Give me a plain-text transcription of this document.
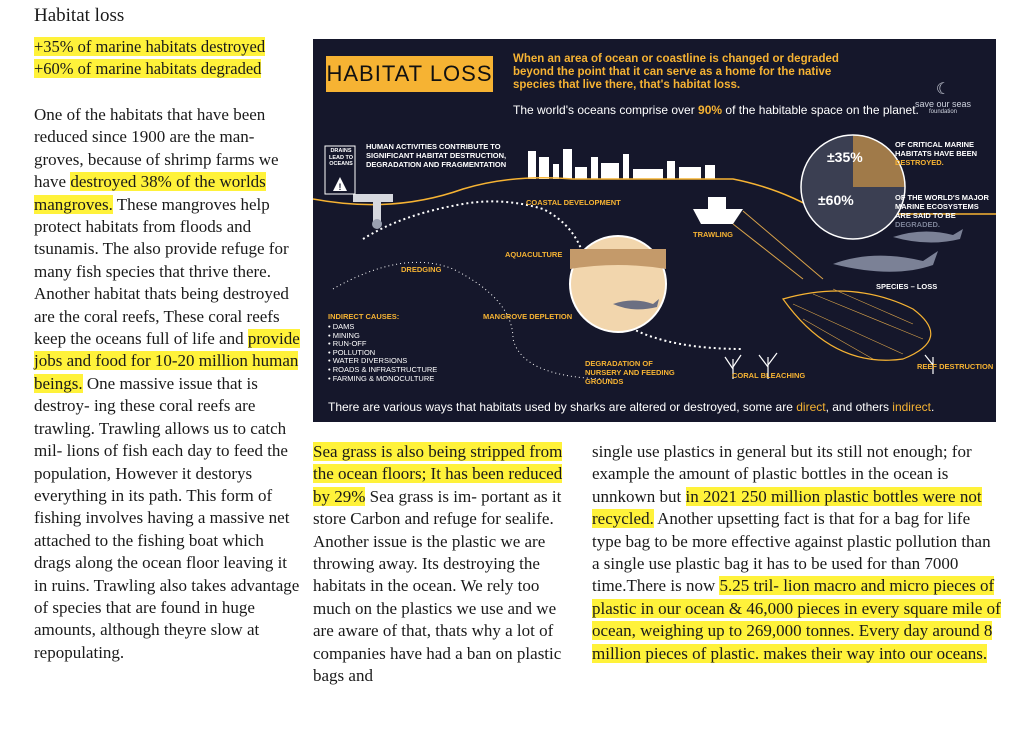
Habitat loss
+35% of marine habitats destroyed
+60% of marine habitats degraded
One of the habitats that have been reduced since 1900 are the man- groves, because of shrimp farms we have destroyed 38% of the worlds mangroves. These mangroves help protect habitats from floods and tsunamis. The also provide refuge for many fish species that thrive there. Another habitat thats being destroyed are the coral reefs, These coral reefs keep the oceans full of life and provide jobs and food for 10-20 million human beings. One massive issue that is destroy- ing these coral reefs are trawling. Trawling allows us to catch mil- lions of fish each day to feed the population, However it destorys everything in its path. This form of fishing involves having a massive net attached to the fishing boat which drags along the ocean floor leaving it in ruins. Trawling also takes advantage of species that are found in huge amounts, although theyre slow at repopulating.
Sea grass is also being stripped from the ocean floors; It has been reduced by 29% Sea grass is im- portant as it store Carbon and refuge for sealife. Another issue is the plastic we are throwing away. Its destroying the habitats in the ocean. We rely too much on the plastics we use and we are aware of that, thats why a lot of companies have had a ban on plastic bags and
single use plastics in general but its still not enough; for example the amount of plastic bottles in the ocean is unnkown but in 2021 250 million plastic bottles were not recycled. Another upsetting fact is that for a bag for life type bag to be more effective against plastic pollution than a single use plastic bag it has to be used for than 7000 time.There is now 5.25 tril- lion macro and micro pieces of plastic in our ocean & 46,000 pieces in every square mile of ocean, weighing up to 269,000 tonnes. Every day around 8 million pieces of plastic. makes their way into our oceans.
!
HABITAT LOSS
When an area of ocean or coastline is changed or degraded beyond the point that it can serve as a home for the native species that live there, that's habitat loss.
The world's oceans comprise over 90% of the habitable space on the planet.
☾
save our seas
foundation
DRAINS LEAD TO OCEANS
HUMAN ACTIVITIES CONTRIBUTE TO SIGNIFICANT HABITAT DESTRUCTION, DEGRADATION AND FRAGMENTATION	±35%
±60%
OF CRITICAL MARINE HABITATS HAVE BEEN DESTROYED.
OF THE WORLD'S MAJOR MARINE ECOSYSTEMS ARE SAID TO BE DEGRADED.
COASTAL DEVELOPMENT
TRAWLING
AQUACULTURE
DREDGING
SPECIES – LOSS
INDIRECT CAUSES:
• DAMS
• MINING
• RUN-OFF
• POLLUTION
• WATER DIVERSIONS
• ROADS & INFRASTRUCTURE
• FARMING & MONOCULTURE
MANGROVE DEPLETION
DEGRADATION OF NURSERY AND FEEDING GROUNDS
CORAL BLEACHING
REEF DESTRUCTION
There are various ways that habitats used by sharks are altered or destroyed, some are direct, and others indirect.
